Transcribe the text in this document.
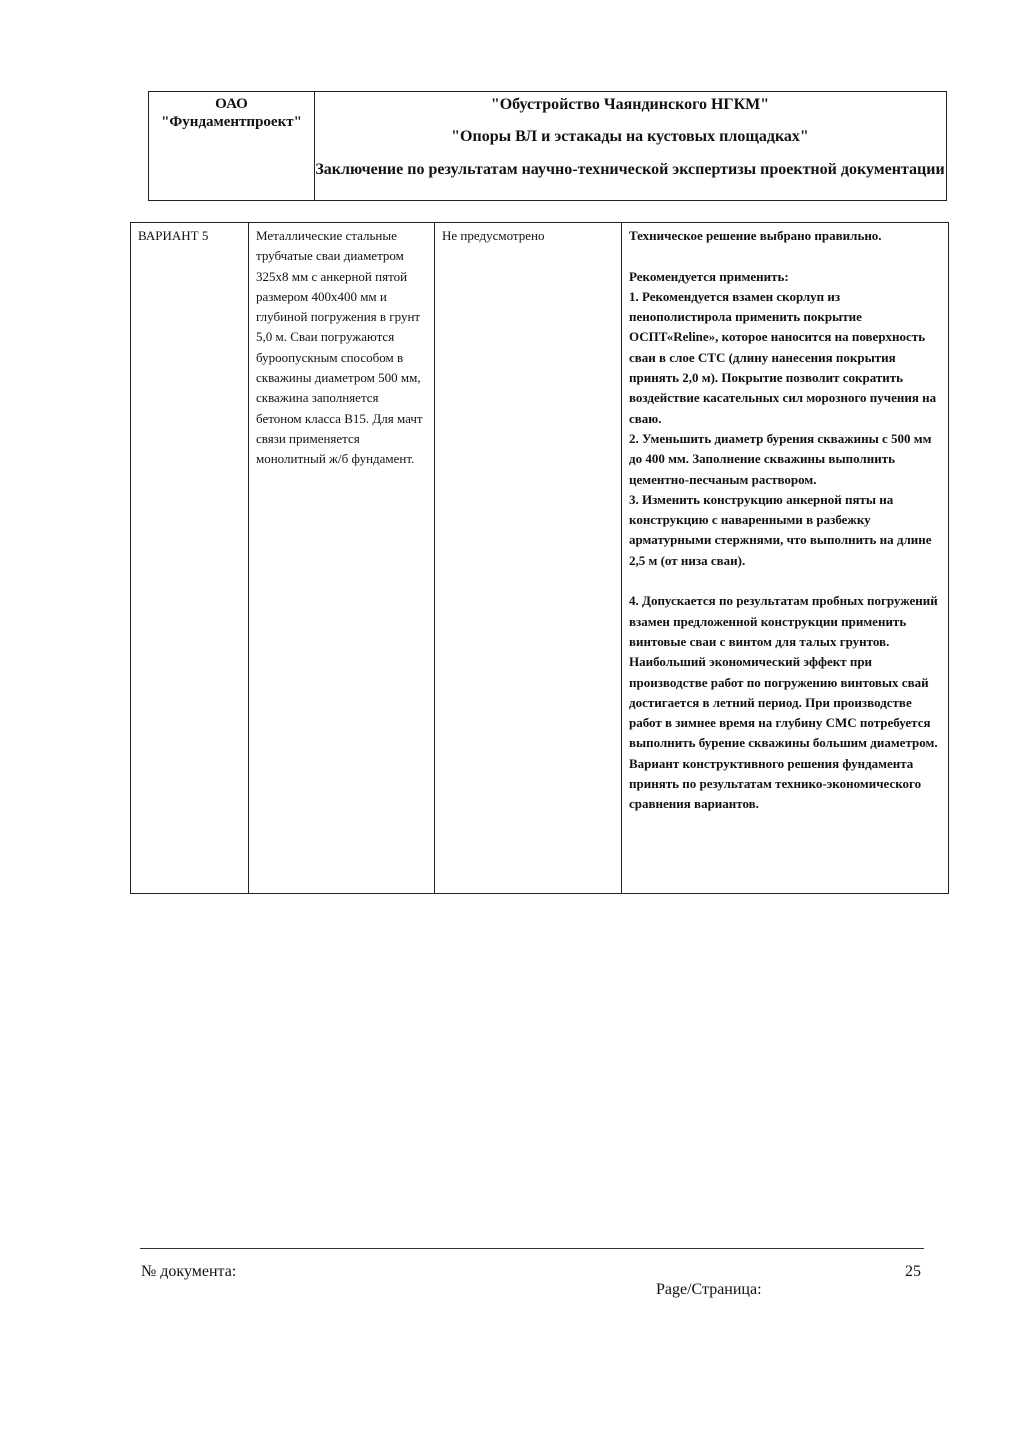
ОАО
"Фундаментпроект"
"Обустройство Чаяндинского НГКМ"
"Опоры ВЛ и эстакады на кустовых площадках"
Заключение по результатам научно-технической экспертизы проектной документации
ВАРИАНТ 5	Металлические стальные трубчатые сваи диаметром 325х8 мм с анкерной пятой размером 400х400 мм и глубиной погружения в грунт 5,0 м. Сваи погружаются буроопускным способом в скважины диаметром 500 мм, скважина заполняется бетоном класса В15. Для мачт связи применяется монолитный ж/б фундамент.	Не предусмотрено	Техническое решение выбрано правильно.

Рекомендуется применить:

1. Рекомендуется взамен скорлуп из пенополистирола применить покрытие ОСПТ«Reline», которое наносится на поверхность сваи в слое СТС (длину нанесения покрытия принять 2,0 м). Покрытие позволит сократить воздействие касательных сил морозного пучения на сваю.

2. Уменьшить диаметр бурения скважины с 500 мм до 400 мм. Заполнение скважины выполнить цементно-песчаным раствором.

3. Изменить конструкцию анкерной пяты на конструкцию с наваренными в разбежку арматурными стержнями, что выполнить на длине 2,5 м (от низа сваи).

4. Допускается по результатам пробных погружений взамен предложенной конструкции применить винтовые сваи с винтом для талых грунтов. Наибольший экономический эффект при производстве работ по погружению винтовых свай достигается в летний период. При производстве работ в зимнее время на глубину СМС потребуется выполнить бурение скважины большим диаметром. Вариант конструктивного решения фундамента принять по результатам технико-экономического сравнения вариантов.

№ документа:
Page/Страница:
25
